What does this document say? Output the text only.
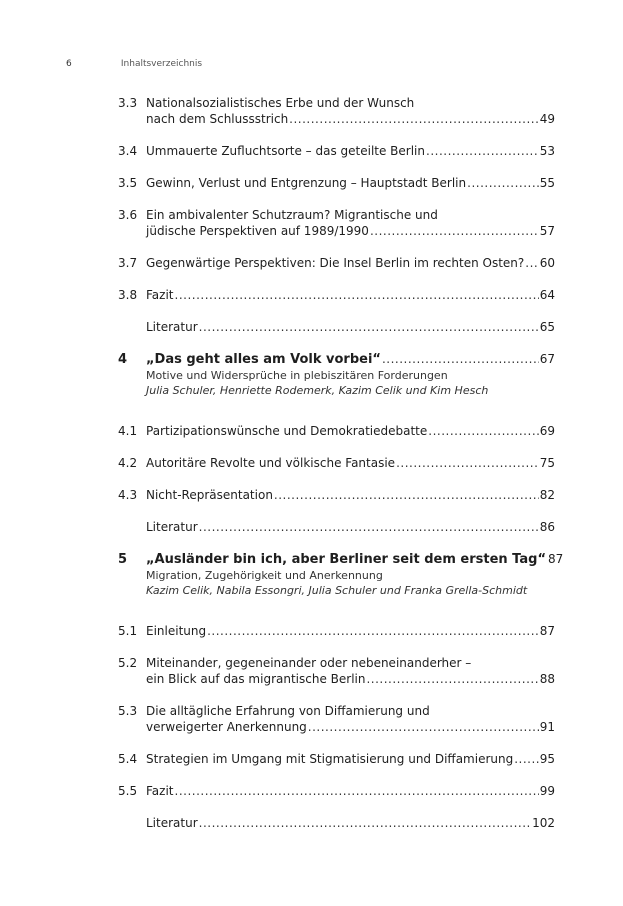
6	Inhaltsverzeichnis
3.3 Nationalsozialistisches Erbe und der Wunsch
nach dem Schlussstrich .....	49
3.4 Ummauerte Zufluchtsorte – das geteilte Berlin .....	53
3.5 Gewinn, Verlust und Entgrenzung – Hauptstadt Berlin .....	55
3.6 Ein ambivalenter Schutzraum? Migrantische und
jüdische Perspektiven auf 1989/1990 .....	57
3.7 Gegenwärtige Perspektiven: Die Insel Berlin im rechten Osten? ..... 60
3.8 Fazit .....	64
Literatur .....	65
4	„Das geht alles am Volk vorbei“ .....	67
Motive und Widersprüche in plebiszitären Forderungen
Julia Schuler, Henriette Rodemerk, Kazim Celik und Kim Hesch
4.1 Partizipationswünsche und Demokratiedebatte .....	69
4.2 Autoritäre Revolte und völkische Fantasie .....	75
4.3 Nicht-Repräsentation .....	82
Literatur .....	86
5	„Ausländer bin ich, aber Berliner seit dem ersten Tag“ 87
Migration, Zugehörigkeit und Anerkennung
Kazim Celik, Nabila Essongri, Julia Schuler und Franka Grella-Schmidt
5.1 Einleitung .....	87
5.2 Miteinander, gegeneinander oder nebeneinanderher –
ein Blick auf das migrantische Berlin .....	88
5.3 Die alltägliche Erfahrung von Diffamierung und
verweigerter Anerkennung .....	91
5.4 Strategien im Umgang mit Stigmatisierung und Diffamierung ..... 95
5.5 Fazit .....	99
Literatur .....	102
